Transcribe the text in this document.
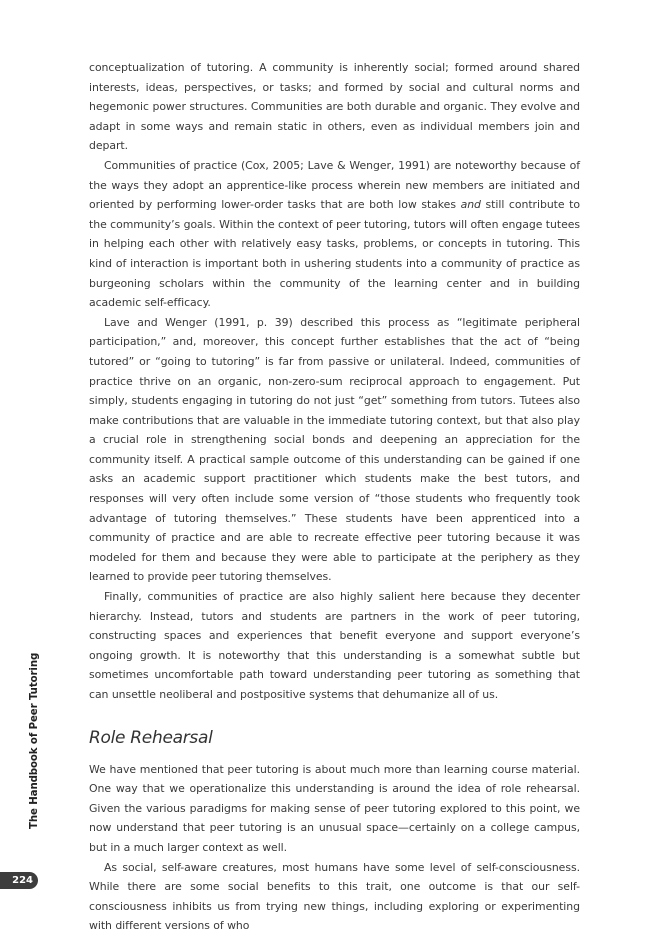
conceptualization of tutoring. A community is inherently social; formed around shared interests, ideas, perspectives, or tasks; and formed by social and cultural norms and hegemonic power structures. Communities are both durable and organic. They evolve and adapt in some ways and remain static in others, even as individual members join and depart.

Communities of practice (Cox, 2005; Lave & Wenger, 1991) are noteworthy because of the ways they adopt an apprentice-like process wherein new members are initiated and oriented by performing lower-order tasks that are both low stakes and still contribute to the community’s goals. Within the context of peer tutoring, tutors will often engage tutees in helping each other with relatively easy tasks, problems, or concepts in tutoring. This kind of interaction is important both in ushering students into a community of practice as burgeoning scholars within the community of the learning center and in building academic self-efficacy.

Lave and Wenger (1991, p. 39) described this process as “legitimate peripheral participation,” and, moreover, this concept further establishes that the act of “being tutored” or “going to tutoring” is far from passive or unilateral. Indeed, communities of practice thrive on an organic, non-zero-sum reciprocal approach to engagement. Put simply, students engaging in tutoring do not just “get” something from tutors. Tutees also make contributions that are valuable in the immediate tutoring context, but that also play a crucial role in strengthening social bonds and deepening an appreciation for the community itself. A practical sample outcome of this understanding can be gained if one asks an academic support practitioner which students make the best tutors, and responses will very often include some version of “those students who frequently took advantage of tutoring themselves.” These students have been apprenticed into a community of practice and are able to recreate effective peer tutoring because it was modeled for them and because they were able to participate at the periphery as they learned to provide peer tutoring themselves.

Finally, communities of practice are also highly salient here because they decenter hierarchy. Instead, tutors and students are partners in the work of peer tutoring, constructing spaces and experiences that benefit everyone and support everyone’s ongoing growth. It is noteworthy that this understanding is a somewhat subtle but sometimes uncomfortable path toward understanding peer tutoring as something that can unsettle neoliberal and postpositive systems that dehumanize all of us.

Role Rehearsal

We have mentioned that peer tutoring is about much more than learning course material. One way that we operationalize this understanding is around the idea of role rehearsal. Given the various paradigms for making sense of peer tutoring explored to this point, we now understand that peer tutoring is an unusual space—certainly on a college campus, but in a much larger context as well.

As social, self-aware creatures, most humans have some level of self-consciousness. While there are some social benefits to this trait, one outcome is that our self-consciousness inhibits us from trying new things, including exploring or experimenting with different versions of who

The Handbook of Peer Tutoring
224
